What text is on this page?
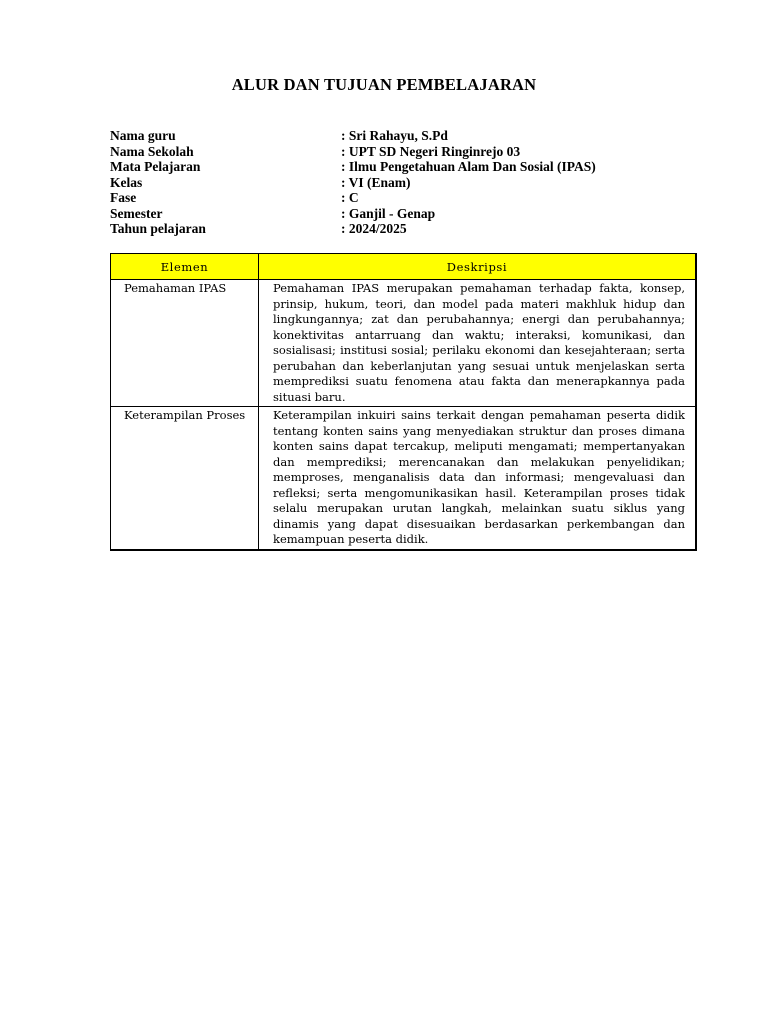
ALUR DAN TUJUAN PEMBELAJARAN
Nama guru	: Sri Rahayu, S.Pd
Nama Sekolah	: UPT SD Negeri Ringinrejo 03
Mata Pelajaran	: Ilmu Pengetahuan Alam Dan Sosial (IPAS)
Kelas	: VI (Enam)
Fase	: C
Semester	: Ganjil - Genap
Tahun pelajaran	: 2024/2025
Elemen	Deskripsi
Pemahaman IPAS	Pemahaman IPAS merupakan pemahaman terhadap fakta, konsep, prinsip, hukum, teori, dan model pada materi makhluk hidup dan lingkungannya; zat dan perubahannya; energi dan perubahannya; konektivitas antarruang dan waktu; interaksi, komunikasi, dan sosialisasi; institusi sosial; perilaku ekonomi dan kesejahteraan; serta perubahan dan keberlanjutan yang sesuai untuk menjelaskan serta memprediksi suatu fenomena atau fakta dan menerapkannya pada situasi baru.
Keterampilan Proses	Keterampilan inkuiri sains terkait dengan pemahaman peserta didik tentang konten sains yang menyediakan struktur dan proses dimana konten sains dapat tercakup, meliputi mengamati; mempertanyakan dan memprediksi; merencanakan dan melakukan penyelidikan; memproses, menganalisis data dan informasi; mengevaluasi dan refleksi; serta mengomunikasikan hasil. Keterampilan proses tidak selalu merupakan urutan langkah, melainkan suatu siklus yang dinamis yang dapat disesuaikan berdasarkan perkembangan dan kemampuan peserta didik.
